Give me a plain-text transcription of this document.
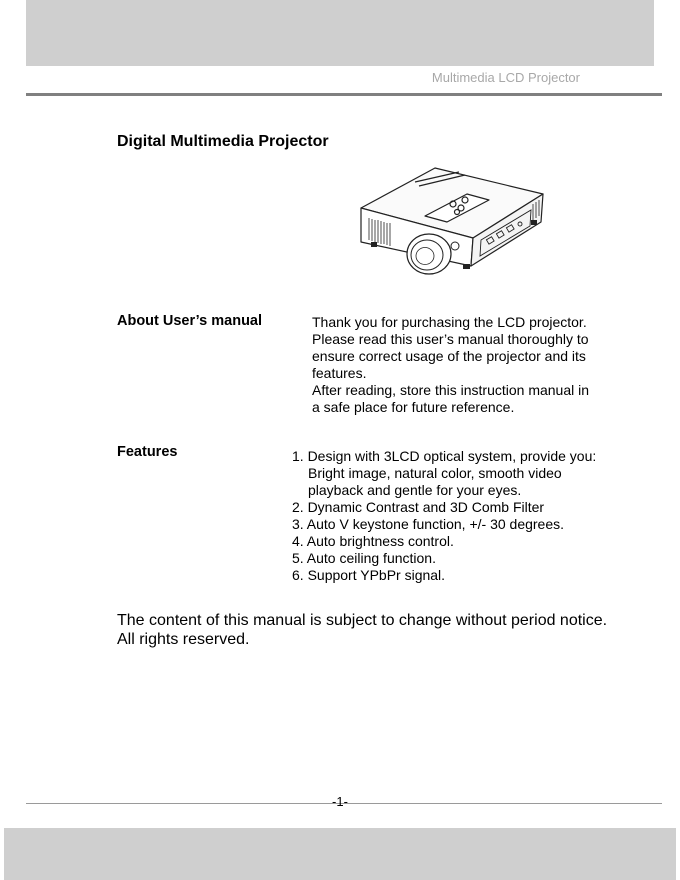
Multimedia LCD Projector
Digital Multimedia Projector
About User’s manual	Thank you for purchasing the LCD projector.

Please read this user’s manual thoroughly to

ensure correct usage of the projector and its

features.

After reading, store this instruction manual in

a safe place for future reference.

Features	1. Design with 3LCD optical system, provide you:
Bright image, natural color, smooth video
playback and gentle for your eyes.
2. Dynamic Contrast and 3D Comb Filter
3. Auto V keystone function, +/- 30 degrees.
4. Auto brightness control.
5. Auto ceiling function.
6. Support YPbPr signal.

The content of this manual is subject to change without period notice.

All rights reserved.

-1-
